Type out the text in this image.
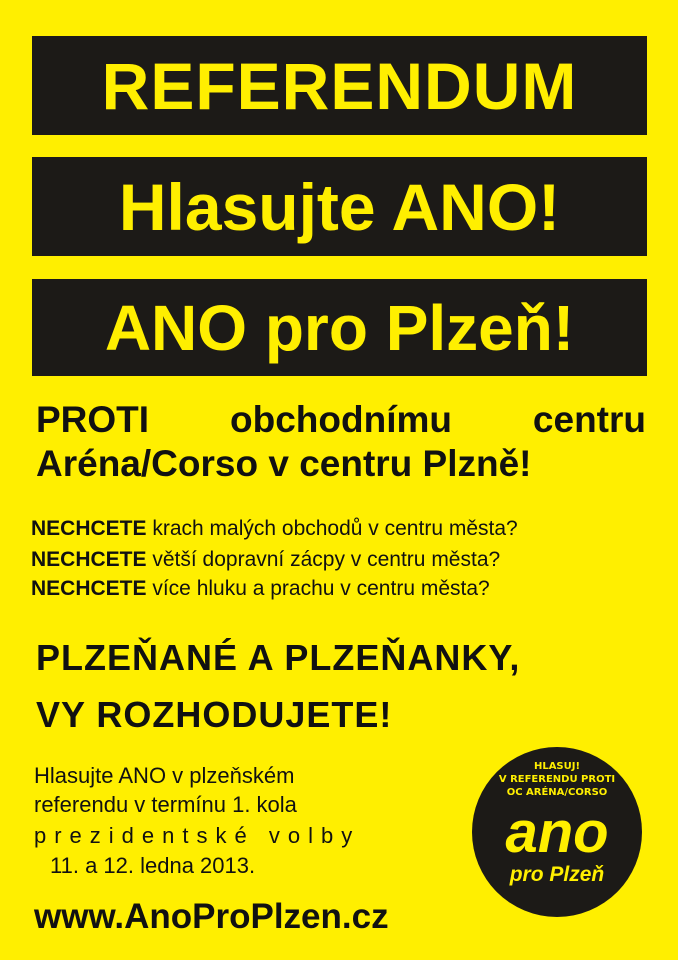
REFERENDUM
Hlasujte ANO!
ANO pro Plzeň!
PROTI obchodnímu centru
Aréna/Corso v centru Plzně!
NECHCETE krach malých obchodů v centru města?
NECHCETE větší dopravní zácpy v centru města?
NECHCETE více hluku a prachu v centru města?
PLZEŇANÉ A PLZEŇANKY,
VY ROZHODUJETE!
Hlasujte ANO v plzeňském
referendu v termínu 1. kola
prezidentské volby
11. a 12. ledna 2013.
www.AnoProPlzen.cz
HLASUJ!
V REFERENDU PROTI
OC ARÉNA/CORSO
ano
pro Plzeň
